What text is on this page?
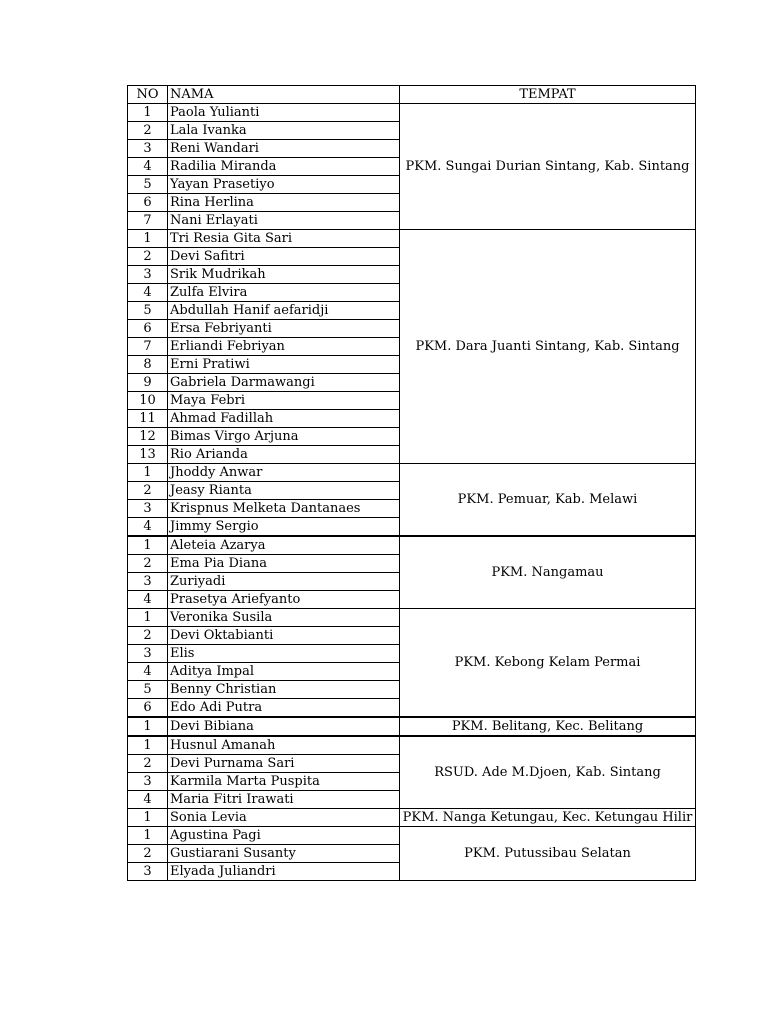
NO	NAMA	TEMPAT
1	Paola Yulianti	PKM. Sungai Durian Sintang, Kab. Sintang
2	Lala Ivanka	
3	Reni Wandari	
4	Radilia Miranda	
5	Yayan Prasetiyo	
6	Rina Herlina	
7	Nani Erlayati	
1	Tri Resia Gita Sari	PKM. Dara Juanti Sintang, Kab. Sintang
2	Devi Safitri	
3	Srik Mudrikah	
4	Zulfa Elvira	
5	Abdullah Hanif aefaridji	
6	Ersa Febriyanti	
7	Erliandi Febriyan	
8	Erni Pratiwi	
9	Gabriela Darmawangi	
10	Maya Febri	
11	Ahmad Fadillah	
12	Bimas Virgo Arjuna	
13	Rio Arianda	
1	Jhoddy Anwar	PKM. Pemuar, Kab. Melawi
2	Jeasy Rianta	
3	Krispnus Melketa Dantanaes	
4	Jimmy Sergio	
1	Aleteia Azarya	PKM. Nangamau
2	Ema Pia Diana	
3	Zuriyadi	
4	Prasetya Ariefyanto	
1	Veronika Susila	PKM. Kebong Kelam Permai
2	Devi Oktabianti	
3	Elis	
4	Aditya Impal	
5	Benny Christian	
6	Edo Adi Putra	
1	Devi Bibiana	PKM. Belitang, Kec. Belitang
1	Husnul Amanah	RSUD. Ade M.Djoen, Kab. Sintang
2	Devi Purnama Sari	
3	Karmila Marta Puspita	
4	Maria Fitri Irawati	
1	Sonia Levia	PKM. Nanga Ketungau, Kec. Ketungau Hilir
1	Agustina Pagi	PKM. Putussibau Selatan
2	Gustiarani Susanty	
3	Elyada Juliandri	
